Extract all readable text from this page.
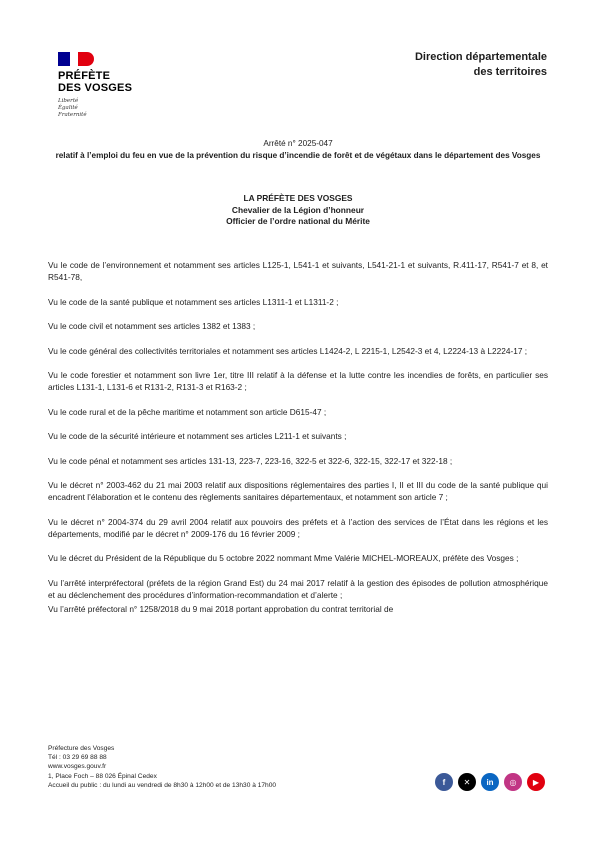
PRÉFÈTE
DES VOSGES
Liberté
Égalité
Fraternité
Direction départementale
des territoires
Arrêté n° 2025-047
relatif à l’emploi du feu en vue de la prévention du risque d’incendie de forêt et de végétaux dans le département des Vosges
LA PRÉFÈTE DES VOSGES
Chevalier de la Légion d’honneur
Officier de l’ordre national du Mérite

Vu le code de l’environnement et notamment ses articles L125-1, L541-1 et suivants, L541-21-1 et suivants, R.411-17, R541-7 et 8, et R541-78,

Vu le code de la santé publique et notamment ses articles L1311-1 et L1311-2 ;

Vu le code civil et notamment ses articles 1382 et 1383 ;

Vu le code général des collectivités territoriales et notamment ses articles L1424-2, L 2215-1, L2542-3 et 4, L2224-13 à L2224-17 ;

Vu le code forestier et notamment son livre 1er, titre III relatif à la défense et la lutte contre les incendies de forêts, en particulier ses articles L131-1, L131-6 et R131-2, R131-3 et R163-2 ;

Vu le code rural et de la pêche maritime et notamment son article D615-47 ;

Vu le code de la sécurité intérieure et notamment ses articles L211-1 et suivants ;

Vu le code pénal et notamment ses articles 131-13, 223-7, 223-16, 322-5 et 322-6, 322-15, 322-17 et 322-18 ;

Vu le décret n° 2003-462 du 21 mai 2003 relatif aux dispositions réglementaires des parties I, II et III du code de la santé publique qui encadrent l’élaboration et le contenu des règlements sanitaires départementaux, et notamment son article 7 ;

Vu le décret n° 2004-374 du 29 avril 2004 relatif aux pouvoirs des préfets et à l’action des services de l’État dans les régions et les départements, modifié par le décret n° 2009-176 du 16 février 2009 ;

Vu le décret du Président de la République du 5 octobre 2022 nommant Mme Valérie MICHEL-MOREAUX, préfète des Vosges ;

Vu l’arrêté interpréfectoral (préfets de la région Grand Est) du 24 mai 2017 relatif à la gestion des épisodes de pollution atmosphérique et au déclenchement des procédures d’information-recommandation et d’alerte ;

Vu l’arrêté préfectoral n° 1258/2018 du 9 mai 2018 portant approbation du contrat territorial de

Préfecture des Vosges
Tél : 03 29 69 88 88
www.vosges.gouv.fr
1, Place Foch – 88 026 Épinal Cedex
Accueil du public : du lundi au vendredi de 8h30 à 12h00 et de 13h30 à 17h00	f	✕	in	◎	▶
